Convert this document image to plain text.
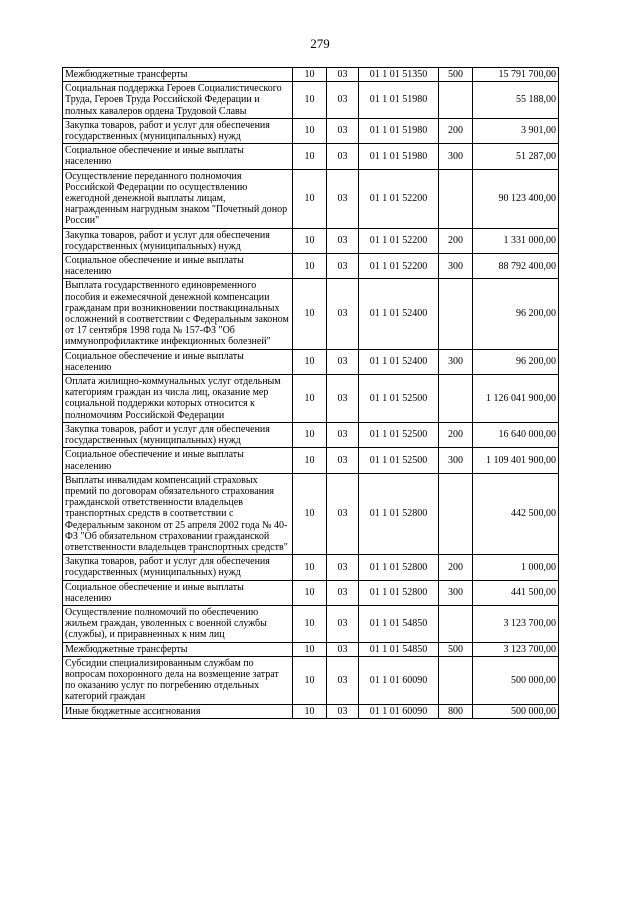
279
Межбюджетные трансферты	10	03	01 1 01 51350	500	15 791 700,00
Социальная поддержка Героев Социалистического Труда, Героев Труда Российской Федерации и полных кавалеров ордена Трудовой Славы	10	03	01 1 01 51980		55 188,00
Закупка товаров, работ и услуг для обеспечения государственных (муниципальных) нужд	10	03	01 1 01 51980	200	3 901,00
Социальное обеспечение и иные выплаты населению	10	03	01 1 01 51980	300	51 287,00
Осуществление переданного полномочия Российской Федерации по осуществлению ежегодной денежной выплаты лицам, награжденным нагрудным знаком "Почетный донор России"	10	03	01 1 01 52200		90 123 400,00
Закупка товаров, работ и услуг для обеспечения государственных (муниципальных) нужд	10	03	01 1 01 52200	200	1 331 000,00
Социальное обеспечение и иные выплаты населению	10	03	01 1 01 52200	300	88 792 400,00
Выплата государственного единовременного пособия и ежемесячной денежной компенсации гражданам при возникновении поствакцинальных осложнений в соответствии с Федеральным законом от 17 сентября 1998 года № 157-ФЗ "Об иммунопрофилактике инфекционных болезней"	10	03	01 1 01 52400		96 200,00
Социальное обеспечение и иные выплаты населению	10	03	01 1 01 52400	300	96 200,00
Оплата жилищно-коммунальных услуг отдельным категориям граждан из числа лиц, оказание мер социальной поддержки которых относится к полномочиям Российской Федерации	10	03	01 1 01 52500		1 126 041 900,00
Закупка товаров, работ и услуг для обеспечения государственных (муниципальных) нужд	10	03	01 1 01 52500	200	16 640 000,00
Социальное обеспечение и иные выплаты населению	10	03	01 1 01 52500	300	1 109 401 900,00
Выплаты инвалидам компенсаций страховых премий по договорам обязательного страхования гражданской ответственности владельцев транспортных средств в соответствии с Федеральным законом от 25 апреля 2002 года № 40-ФЗ "Об обязательном страховании гражданской ответственности владельцев транспортных средств"	10	03	01 1 01 52800		442 500,00
Закупка товаров, работ и услуг для обеспечения государственных (муниципальных) нужд	10	03	01 1 01 52800	200	1 000,00
Социальное обеспечение и иные выплаты населению	10	03	01 1 01 52800	300	441 500,00
Осуществление полномочий по обеспечению жильем граждан, уволенных с военной службы (службы), и приравненных к ним лиц	10	03	01 1 01 54850		3 123 700,00
Межбюджетные трансферты	10	03	01 1 01 54850	500	3 123 700,00
Субсидии специализированным службам по вопросам похоронного дела на возмещение затрат по оказанию услуг по погребению отдельных категорий граждан	10	03	01 1 01 60090		500 000,00
Иные бюджетные ассигнования	10	03	01 1 01 60090	800	500 000,00
